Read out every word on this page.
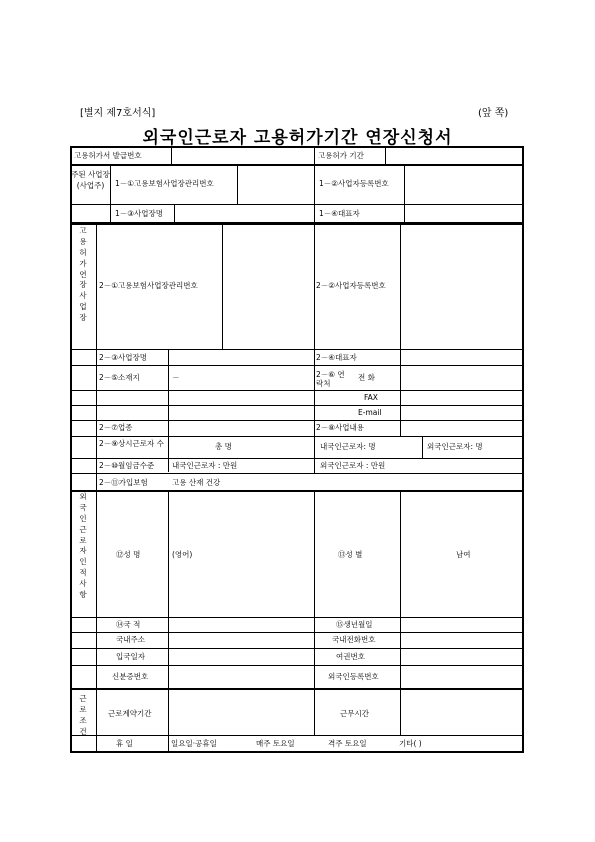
[별지 제7호서식]	(앞 쪽)
외국인근로자 고용허가기간 연장신청서
고용허가서 발급번호	고용허가 기간
주된 사업장 (사업주)	1－①고용보험사업장관리번호	1－②사업자등록번호
1－③사업장명	1－④대표자
고용허가 연장 사업장
2－①고용보험사업장관리번호	2－②사업자등록번호
2－③사업장명	2－④대표자
2－⑤소재지	－	2－⑥ 연락처
전 화
FAX
E-mail
2－⑦업종	2－⑧사업내용
2－⑨상시근로자 수	총 명	내국인근로자: 명	외국인근로자: 명
2－⑩월임금수준 내국인근로자 : 만원	외국인근로자 : 만원
2－⑪가입보험	고용 산재 건강
외국인근로자 인적사항
⑫성 명	(영어)	⑬성 별	남여
⑭국 적	⑮생년월일
국내주소	국내전화번호
입국일자	여권번호
신분증번호	외국인등록번호
근로조건
근로계약기간	근무시간
휴 일	일요일·공휴일	매주 토요일	격주 토요일	기타( )
